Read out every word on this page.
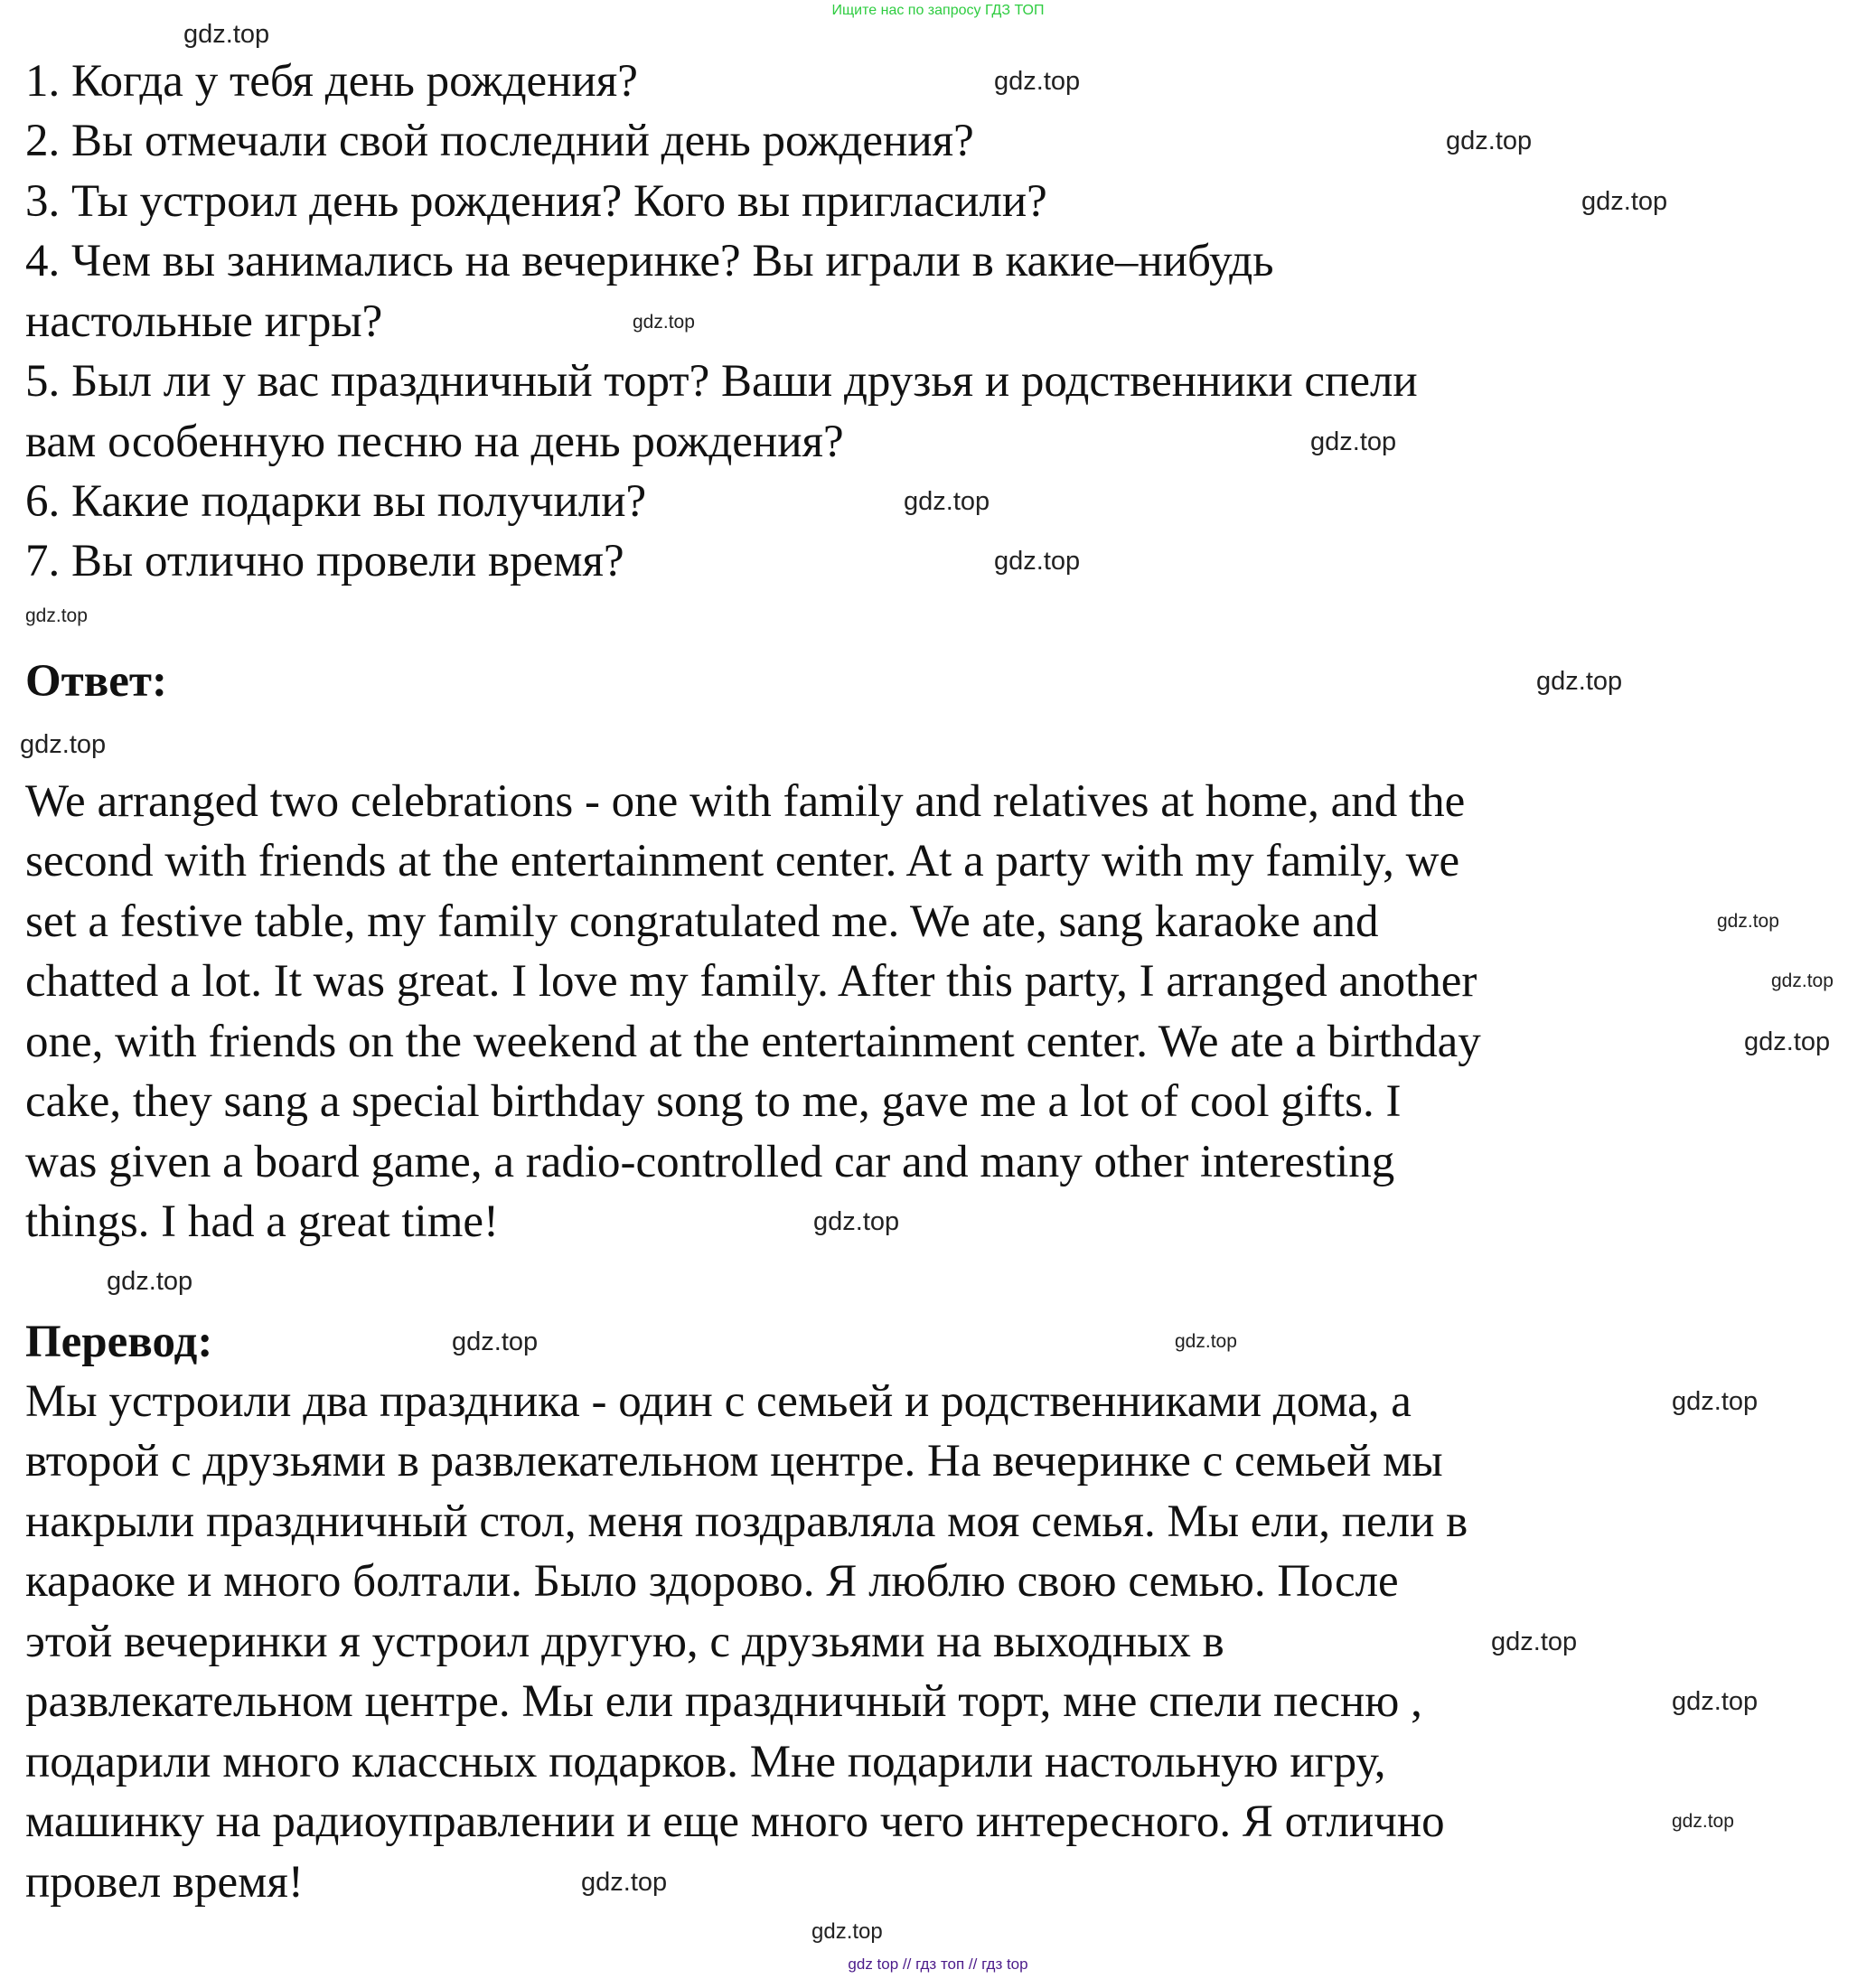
Ищите нас по запросу ГДЗ ТОП
1. Когда у тебя день рождения?
2. Вы отмечали свой последний день рождения?
3. Ты устроил день рождения? Кого вы пригласили?
4. Чем вы занимались на вечеринке? Вы играли в какие–нибудь
настольные игры?
5. Был ли у вас праздничный торт? Ваши друзья и родственники спели
вам особенную песню на день рождения?
6. Какие подарки вы получили?
7. Вы отлично провели время?
Ответ:
We arranged two celebrations - one with family and relatives at home, and the
second with friends at the entertainment center. At a party with my family, we
set a festive table, my family congratulated me. We ate, sang karaoke and
chatted a lot. It was great. I love my family. After this party, I arranged another
one, with friends on the weekend at the entertainment center. We ate a birthday
cake, they sang a special birthday song to me, gave me a lot of cool gifts. I
was given a board game, a radio-controlled car and many other interesting
things. I had a great time!
Перевод:
Мы устроили два праздника - один с семьей и родственниками дома, а
второй с друзьями в развлекательном центре. На вечеринке с семьей мы
накрыли праздничный стол, меня поздравляла моя семья. Мы ели, пели в
караоке и много болтали. Было здорово. Я люблю свою семью. После
этой вечеринки я устроил другую, с друзьями на выходных в
развлекательном центре. Мы ели праздничный торт, мне спели песню ,
подарили много классных подарков. Мне подарили настольную игру,
машинку на радиоуправлении и еще много чего интересного. Я отлично
провел время!
gdz.top
gdz.top
gdz.top
gdz.top
gdz.top
gdz.top
gdz.top
gdz.top
gdz.top
gdz.top
gdz.top
gdz.top
gdz.top
gdz.top
gdz.top
gdz.top
gdz.top	gdz.top
gdz.top
gdz.top
gdz.top
gdz.top
gdz.top
gdz.top
gdz top // гдз топ // гдз top
